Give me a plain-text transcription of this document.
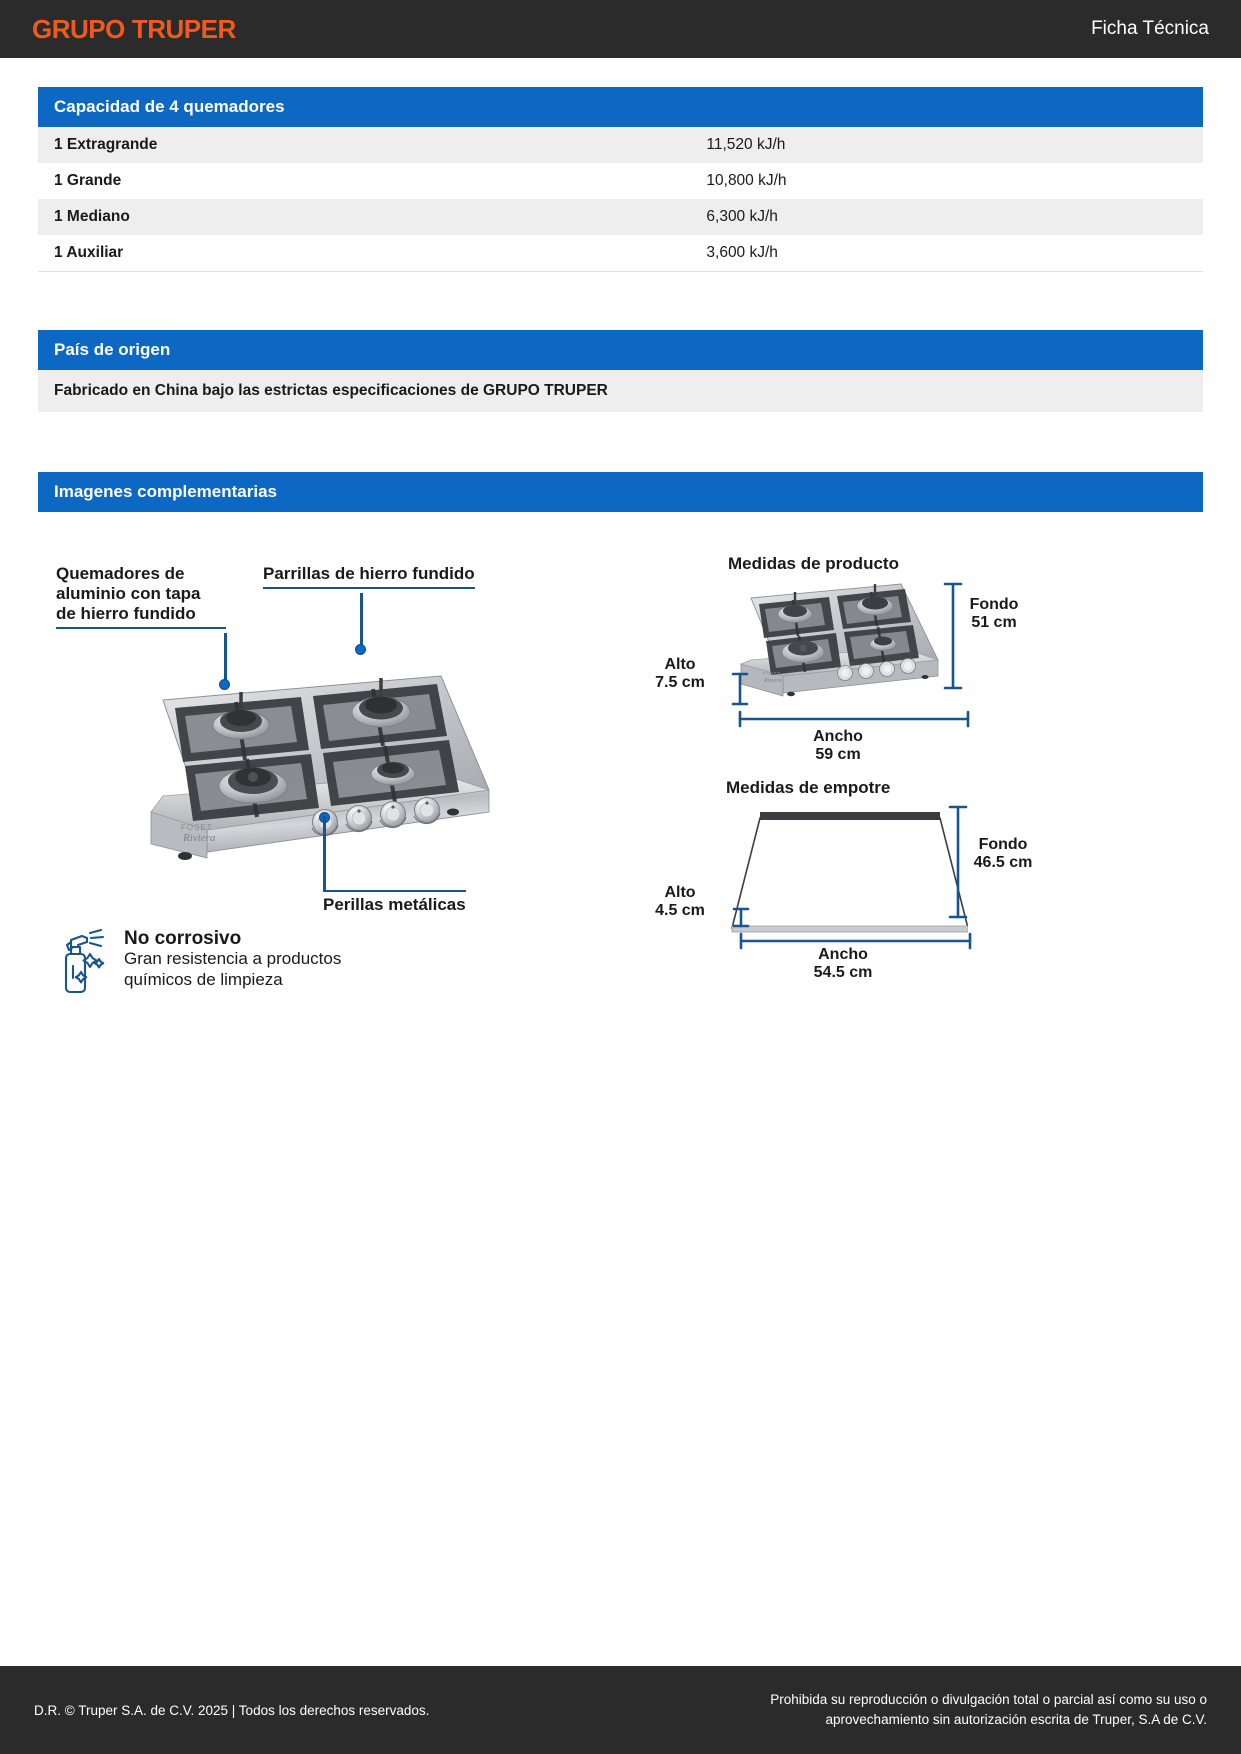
GRUPO TRUPER	Ficha Técnica
Capacidad de 4 quemadores
1 Extragrande	11,520 kJ/h
1 Grande	10,800 kJ/h
1 Mediano	6,300 kJ/h
1 Auxiliar	3,600 kJ/h
País de origen
Fabricado en China bajo las estrictas especificaciones de GRUPO TRUPER
Imagenes complementarias
Quemadores de
aluminio con tapa
de hierro fundido
Parrillas de hierro fundido
FOSET
Riviera
Perillas metálicas
No corrosivo
Gran resistencia a productos
químicos de limpieza
Medidas de producto
FOSET
Riviera
Fondo
51 cm
Alto
7.5 cm
Ancho
59 cm
Medidas de empotre
Fondo
46.5 cm
Alto
4.5 cm
Ancho
54.5 cm
D.R. © Truper S.A. de C.V. 2025 | Todos los derechos reservados.
Prohibida su reproducción o divulgación total o parcial así como su uso o
aprovechamiento sin autorización escrita de Truper, S.A de C.V.
